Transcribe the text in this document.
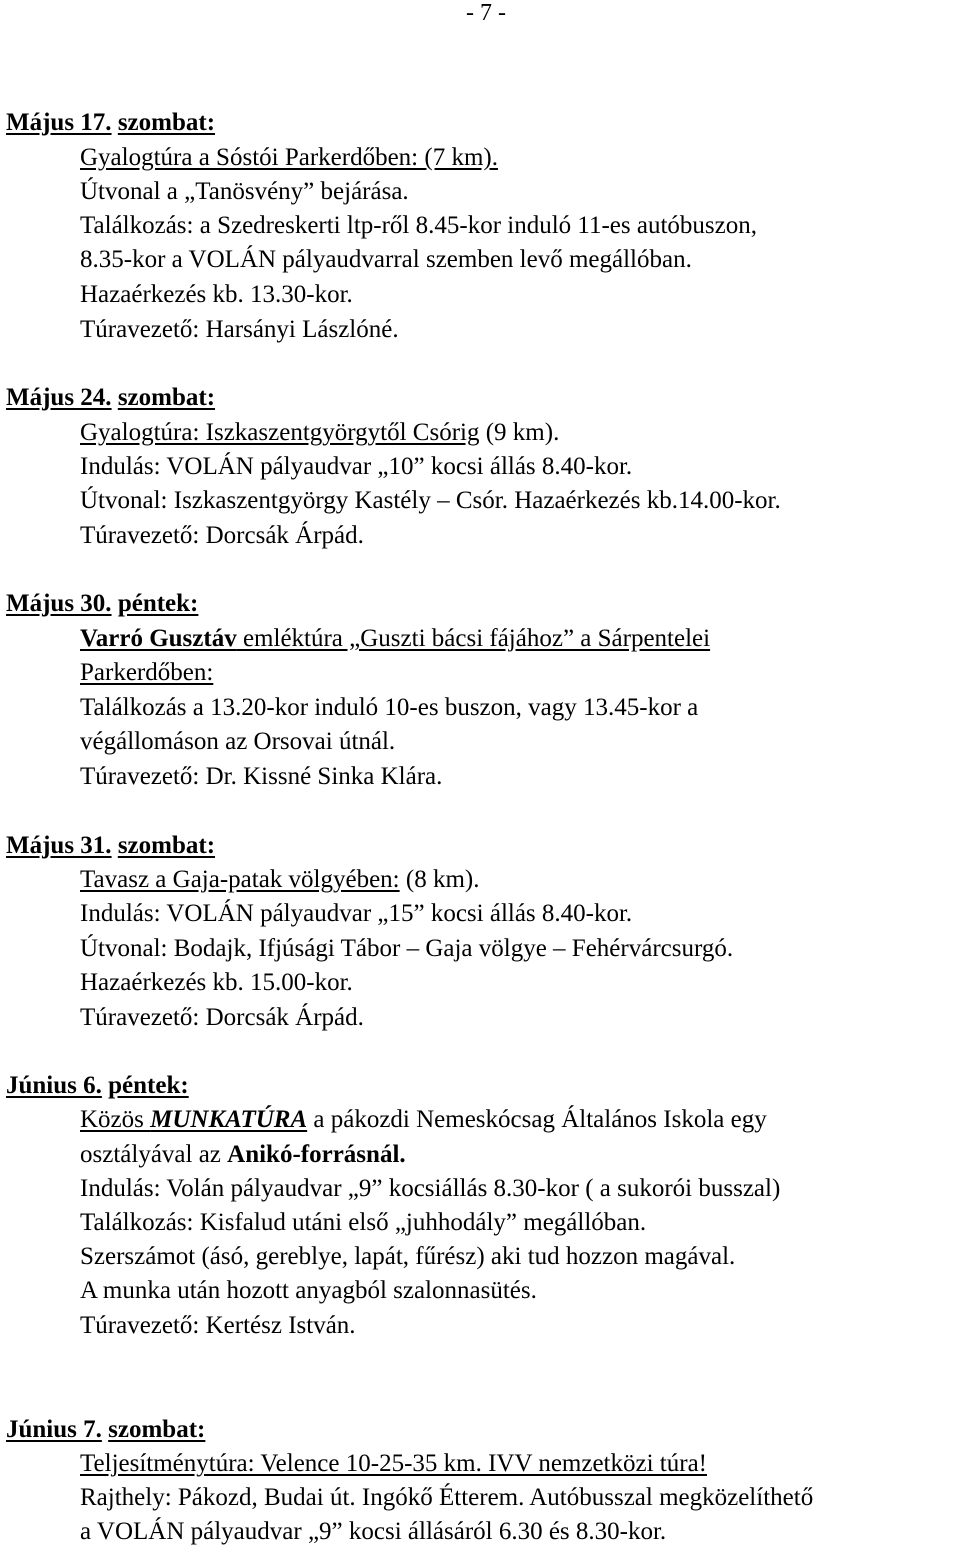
- 7 -
Május 17. szombat:
Gyalogtúra a Sóstói Parkerdőben: (7 km).
Útvonal a „Tanösvény” bejárása.
Találkozás: a Szedreskerti ltp-ről 8.45-kor induló 11-es autóbuszon,
8.35-kor a VOLÁN pályaudvarral szemben levő megállóban.
Hazaérkezés kb. 13.30-kor.
Túravezető: Harsányi Lászlóné.
Május 24. szombat:
Gyalogtúra: Iszkaszentgyörgytől Csórig (9 km).
Indulás: VOLÁN pályaudvar „10” kocsi állás 8.40-kor.
Útvonal: Iszkaszentgyörgy Kastély – Csór. Hazaérkezés kb.14.00-kor.
Túravezető: Dorcsák Árpád.
Május 30. péntek:
Varró Gusztáv emléktúra „Guszti bácsi fájához” a Sárpentelei
Parkerdőben:
Találkozás a 13.20-kor induló 10-es buszon, vagy 13.45-kor a
végállomáson az Orsovai útnál.
Túravezető: Dr. Kissné Sinka Klára.
Május 31. szombat:
Tavasz a Gaja-patak völgyében: (8 km).
Indulás: VOLÁN pályaudvar „15” kocsi állás 8.40-kor.
Útvonal: Bodajk, Ifjúsági Tábor – Gaja völgye – Fehérvárcsurgó.
Hazaérkezés kb. 15.00-kor.
Túravezető: Dorcsák Árpád.
Június 6. péntek:
Közös MUNKATÚRA a pákozdi Nemeskócsag Általános Iskola egy
osztályával az Anikó-forrásnál.
Indulás: Volán pályaudvar „9” kocsiállás 8.30-kor ( a sukorói busszal)
Találkozás: Kisfalud utáni első „juhhodály” megállóban.
Szerszámot (ásó, gereblye, lapát, fűrész) aki tud hozzon magával.
A munka után hozott anyagból szalonnasütés.
Túravezető: Kertész István.
Június 7. szombat:
Teljesítménytúra: Velence 10-25-35 km. IVV nemzetközi túra!
Rajthely: Pákozd, Budai út. Ingókő Étterem. Autóbusszal megközelíthető
a VOLÁN pályaudvar „9” kocsi állásáról 6.30 és 8.30-kor.
